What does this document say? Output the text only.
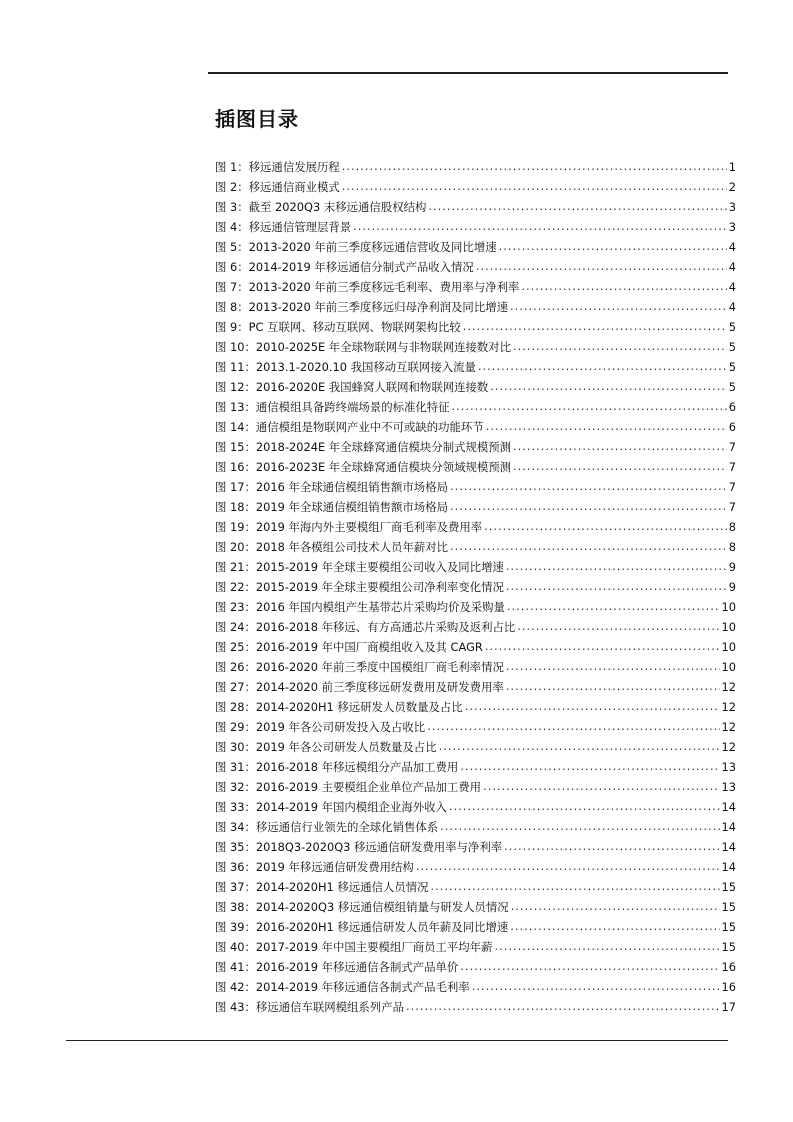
插图目录
图 1：移远通信发展历程 .....	1
图 2：移远通信商业模式 .....	2
图 3：截至 2020Q3 末移远通信股权结构 .....	3
图 4：移远通信管理层背景 .....	3
图 5：2013-2020 年前三季度移远通信营收及同比增速 .....	4
图 6：2014-2019 年移远通信分制式产品收入情况 .....	4
图 7：2013-2020 年前三季度移远毛利率、费用率与净利率 .....	4
图 8：2013-2020 年前三季度移远归母净利润及同比增速 .....	4
图 9：PC 互联网、移动互联网、物联网架构比较 .....	5
图 10：2010-2025E 年全球物联网与非物联网连接数对比 .....	5
图 11：2013.1-2020.10 我国移动互联网接入流量 .....	5
图 12：2016-2020E 我国蜂窝人联网和物联网连接数 .....	5
图 13：通信模组具备跨终端场景的标准化特征 .....	6
图 14：通信模组是物联网产业中不可或缺的功能环节 .....	6
图 15：2018-2024E 年全球蜂窝通信模块分制式规模预测 .....	7
图 16：2016-2023E 年全球蜂窝通信模块分领域规模预测 .....	7
图 17：2016 年全球通信模组销售额市场格局 .....	7
图 18：2019 年全球通信模组销售额市场格局 .....	7
图 19：2019 年海内外主要模组厂商毛利率及费用率 .....	8
图 20：2018 年各模组公司技术人员年薪对比 .....	8
图 21：2015-2019 年全球主要模组公司收入及同比增速 .....	9
图 22：2015-2019 年全球主要模组公司净利率变化情况 .....	9
图 23：2016 年国内模组产生基带芯片采购均价及采购量 .....	10
图 24：2016-2018 年移远、有方高通芯片采购及返利占比 .....	10
图 25：2016-2019 年中国厂商模组收入及其 CAGR .....	10
图 26：2016-2020 年前三季度中国模组厂商毛利率情况 .....	10
图 27：2014-2020 前三季度移远研发费用及研发费用率 .....	12
图 28：2014-2020H1 移远研发人员数量及占比 .....	12
图 29：2019 年各公司研发投入及占收比 .....	12
图 30：2019 年各公司研发人员数量及占比 .....	12
图 31：2016-2018 年移远模组分产品加工费用 .....	13
图 32：2016-2019 主要模组企业单位产品加工费用 .....	13
图 33：2014-2019 年国内模组企业海外收入 .....	14
图 34：移远通信行业领先的全球化销售体系 .....	14
图 35：2018Q3-2020Q3 移远通信研发费用率与净利率 .....	14
图 36：2019 年移远通信研发费用结构 .....	14
图 37：2014-2020H1 移远通信人员情况 .....	15
图 38：2014-2020Q3 移远通信模组销量与研发人员情况 .....	15
图 39：2016-2020H1 移远通信研发人员年薪及同比增速 .....	15
图 40：2017-2019 年中国主要模组厂商员工平均年薪 .....	15
图 41：2016-2019 年移远通信各制式产品单价 .....	16
图 42：2014-2019 年移远通信各制式产品毛利率 .....	16
图 43：移远通信车联网模组系列产品 .....	17
